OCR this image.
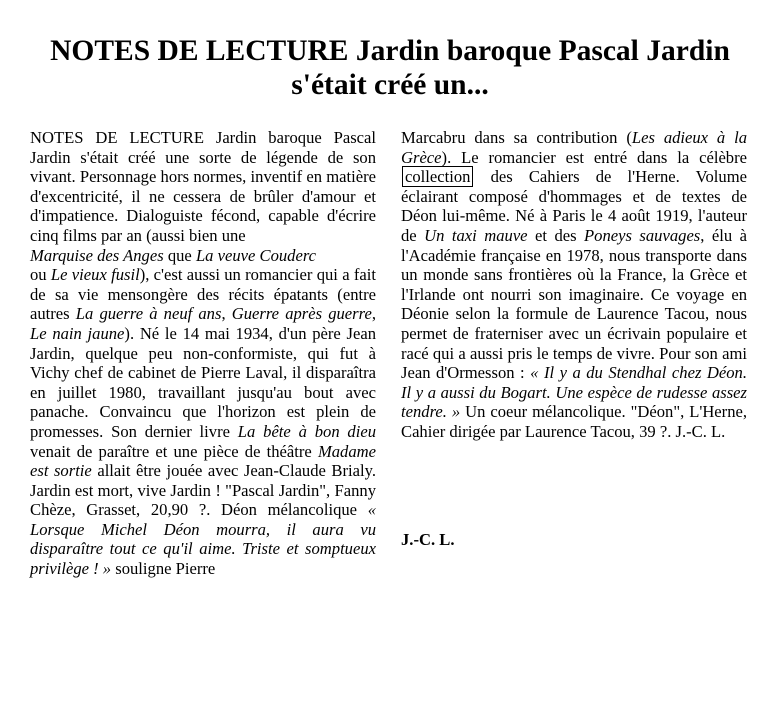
NOTES DE LECTURE Jardin baroque Pascal Jardin s'était créé un...

NOTES DE LECTURE Jardin baroque Pascal Jardin s'était créé une sorte de légende de son vivant. Personnage hors normes, inventif en matière d'excentricité, il ne cessera de brûler d'amour et d'impatience. Dialoguiste fécond, capable d'écrire cinq films par an (aussi bien une

Marquise des Anges que La veuve Couderc

ou Le vieux fusil), c'est aussi un romancier qui a fait de sa vie mensongère des récits épatants (entre autres La guerre à neuf ans, Guerre après guerre, Le nain jaune). Né le 14 mai 1934, d'un père Jean Jardin, quelque peu non-conformiste, qui fut à Vichy chef de cabinet de Pierre Laval, il disparaîtra en juillet 1980, travaillant jusqu'au bout avec panache. Convaincu que l'horizon est plein de promesses. Son dernier livre La bête à bon dieu venait de paraître et une pièce de théâtre Madame est sortie allait être jouée avec Jean-Claude Brialy. Jardin est mort, vive Jardin ! "Pascal Jardin", Fanny Chèze, Grasset, 20,90 ?. Déon mélancolique « Lorsque Michel Déon mourra, il aura vu disparaître tout ce qu'il aime. Triste et somptueux privilège ! » souligne Pierre

Marcabru dans sa contribution (Les adieux à la Grèce). Le romancier est entré dans la célèbre collection des Cahiers de l'Herne. Volume éclairant composé d'hommages et de textes de Déon lui-même. Né à Paris le 4 août 1919, l'auteur de Un taxi mauve et des Poneys sauvages, élu à l'Académie française en 1978, nous transporte dans un monde sans frontières où la France, la Grèce et l'Irlande ont nourri son imaginaire. Ce voyage en Déonie selon la formule de Laurence Tacou, nous permet de fraterniser avec un écrivain populaire et racé qui a aussi pris le temps de vivre. Pour son ami Jean d'Ormesson : « Il y a du Stendhal chez Déon. Il y a aussi du Bogart. Une espèce de rudesse assez tendre. » Un coeur mélancolique. "Déon", L'Herne, Cahier dirigée par Laurence Tacou, 39 ?. J.-C. L.

J.-C. L.
